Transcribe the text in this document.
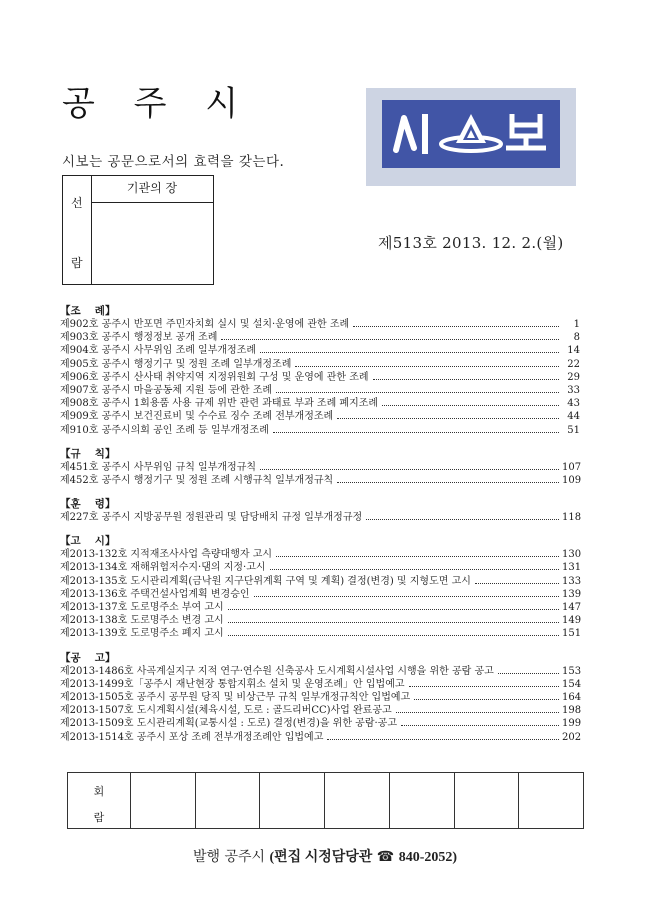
공 주 시
시보는 공문으로서의 효력을 갖는다.
선
람
기관의 장
제513호 2013. 12. 2.(월)
【조　 례】
제902호 공주시 반포면 주민자치회 실시 및 설치·운영에 관한 조례	1
제903호 공주시 행정정보 공개 조례	8
제904호 공주시 사무위임 조례 일부개정조례	14
제905호 공주시 행정기구 및 정원 조례 일부개정조례	22
제906호 공주시 산사태 취약지역 지정위원회 구성 및 운영에 관한 조례	29
제907호 공주시 마을공동체 지원 등에 관한 조례	33
제908호 공주시 1회용품 사용 규제 위반 관련 과태료 부과 조례 폐지조례	43
제909호 공주시 보건진료비 및 수수료 징수 조례 전부개정조례	44
제910호 공주시의회 공인 조례 등 일부개정조례	51
【규　 칙】
제451호 공주시 사무위임 규칙 일부개정규칙	107
제452호 공주시 행정기구 및 정원 조례 시행규칙 일부개정규칙	109
【훈　 령】
제227호 공주시 지방공무원 정원관리 및 담당배치 규정 일부개정규정	118
【고　 시】
제2013-132호 지적재조사사업 측량대행자 고시	130
제2013-134호 재해위험저수지·댐의 지정·고시	131
제2013-135호 도시관리계획(금낙원 지구단위계획 구역 및 계획) 결정(변경) 및 지형도면 고시	133
제2013-136호 주택건설사업계획 변경승인	139
제2013-137호 도로명주소 부여 고시	147
제2013-138호 도로명주소 변경 고시	149
제2013-139호 도로명주소 폐지 고시	151
【공　 고】
제2013-1486호 사곡계실지구 지적 연구·연수원 신축공사 도시계획시설사업 시행을 위한 공람 공고	153
제2013-1499호「공주시 재난현장 통합지휘소 설치 및 운영조례」안 입법예고	154
제2013-1505호 공주시 공무원 당직 및 비상근무 규칙 일부개정규칙안 입법예고	164
제2013-1507호 도시계획시설(체육시설, 도로 : 골드리버CC)사업 완료공고	198
제2013-1509호 도시관리계획(교통시설 : 도로) 결정(변경)을 위한 공람·공고	199
제2013-1514호 공주시 포상 조례 전부개정조례안 입법예고	202
회
람
발행 공주시 (편집 시정담당관 ☎ 840-2052)
